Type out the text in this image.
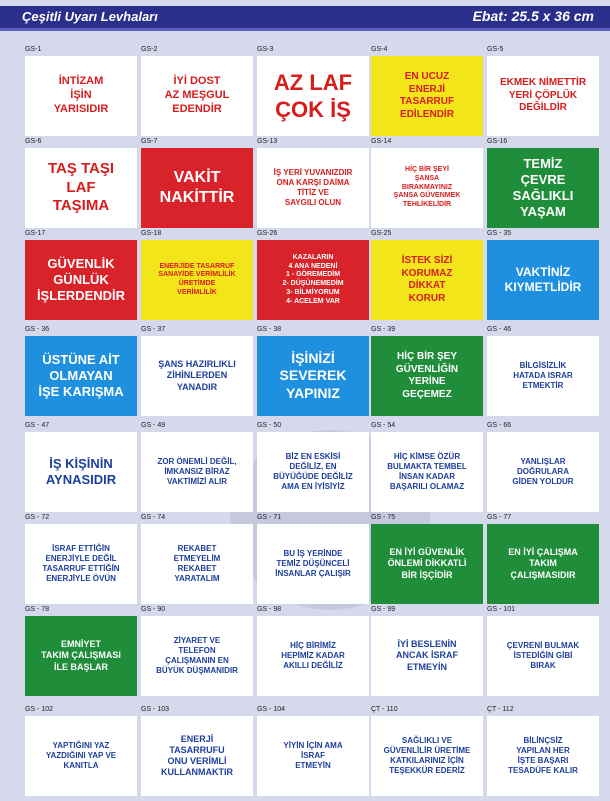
Çeşitli Uyarı Levhaları	Ebat: 25.5 x 36 cm
GS-1
İNTİZAM
İŞİN
YARISIDIR
GS-2
İYİ DOST
AZ MEŞGUL
EDENDİR
GS-3
AZ LAF
ÇOK İŞ
GS-4
EN UCUZ
ENERJİ
TASARRUF
EDİLENDİR
GS-5
EKMEK NİMETTİR
YERİ ÇÖPLÜK
DEĞİLDİR
GS-6
TAŞ TAŞI
LAF
TAŞIMA
GS-7
VAKİT
NAKİTTİR
GS-13
İŞ YERİ YUVANIZDIR
ONA KARŞI DAİMA
TİTİZ VE
SAYGILI OLUN
GS-14
HİÇ BİR ŞEYİ
ŞANSA
BIRAKMAYINIZ
ŞANSA GÜVENMEK
TEHLİKELİDİR
GS-16
TEMİZ
ÇEVRE
SAĞLIKLI
YAŞAM
GS-17
GÜVENLİK
GÜNLÜK
İŞLERDENDİR
GS-18
ENERJİDE TASARRUF
SANAYİDE VERİMLİLİK
ÜRETİMDE
VERİMLİLİK
GS-26
KAZALARIN
4 ANA NEDENİ
1 - GÖREMEDİM
2- DÜŞÜNEMEDİM
3- BİLMİYORUM
4- ACELEM VAR
GS-25
İSTEK SİZİ
KORUMAZ
DİKKAT
KORUR
GS - 35
VAKTİNİZ
KIYMETLİDİR
GS - 36
ÜSTÜNE AİT
OLMAYAN
İŞE KARIŞMA
GS - 37
ŞANS HAZIRLIKLI
ZİHİNLERDEN
YANADIR
GS - 38
İŞİNİZİ
SEVEREK
YAPINIZ
GS - 39
HİÇ BİR ŞEY
GÜVENLİĞİN
YERİNE
GEÇEMEZ
GS - 46
BİLGİSİZLİK
HATADA ISRAR
ETMEKTİR
GS - 47
İŞ KİŞİNİN
AYNASIDIR
GS - 49
ZOR ÖNEMLİ DEĞİL,
İMKANSIZ BİRAZ
VAKTİMİZİ ALIR
GS - 50
BİZ EN ESKİSİ
DEĞİLİZ, EN
BÜYÜĞÜDE DEĞİLİZ
AMA EN İYİSİYİZ
GS - 54
HİÇ KİMSE ÖZÜR
BULMAKTA TEMBEL
İNSAN KADAR
BAŞARILI OLAMAZ
GS - 66
YANLIŞLAR
DOĞRULARA
GİDEN YOLDUR
GS - 72
İSRAF ETTİĞİN
ENERJİYLE DEĞİL
TASARRUF ETTİĞİN
ENERJİYLE ÖVÜN
GS - 74
REKABET
ETMEYELİM
REKABET
YARATALIM
GS - 71
BU İŞ YERİNDE
TEMİZ DÜŞÜNCELİ
İNSANLAR ÇALIŞIR
GS - 75
EN İYİ GÜVENLİK
ÖNLEMİ DİKKATLİ
BİR İŞÇİDİR
GS - 77
EN İYİ ÇALIŞMA
TAKIM
ÇALIŞMASIDIR
GS - 78
EMNİYET
TAKIM ÇALIŞMASI
İLE BAŞLAR
GS - 90
ZİYARET VE
TELEFON
ÇALIŞMANIN EN
BÜYÜK DÜŞMANIDIR
GS - 98
HİÇ BİRİMİZ
HEPİMİZ KADAR
AKILLI DEĞİLİZ
GS - 99
İYİ BESLENİN
ANCAK İSRAF
ETMEYİN
GS - 101
ÇEVRENİ BULMAK
İSTEDİĞİN GİBİ
BIRAK
GS - 102
YAPTIĞINI YAZ
YAZDIĞINI YAP VE
KANITLA
GS - 103
ENERJİ
TASARRUFU
ONU VERİMLİ
KULLANMAKTIR
GS - 104
YİYİN İÇİN AMA
İSRAF
ETMEYİN
ÇT - 110
SAĞLIKLI VE
GÜVENLİLİR ÜRETİME
KATKILARINIZ İÇİN
TEŞEKKÜR EDERİZ
ÇT - 112
BİLİNÇSİZ
YAPILAN HER
İŞTE BAŞARI
TESADÜFE KALIR
